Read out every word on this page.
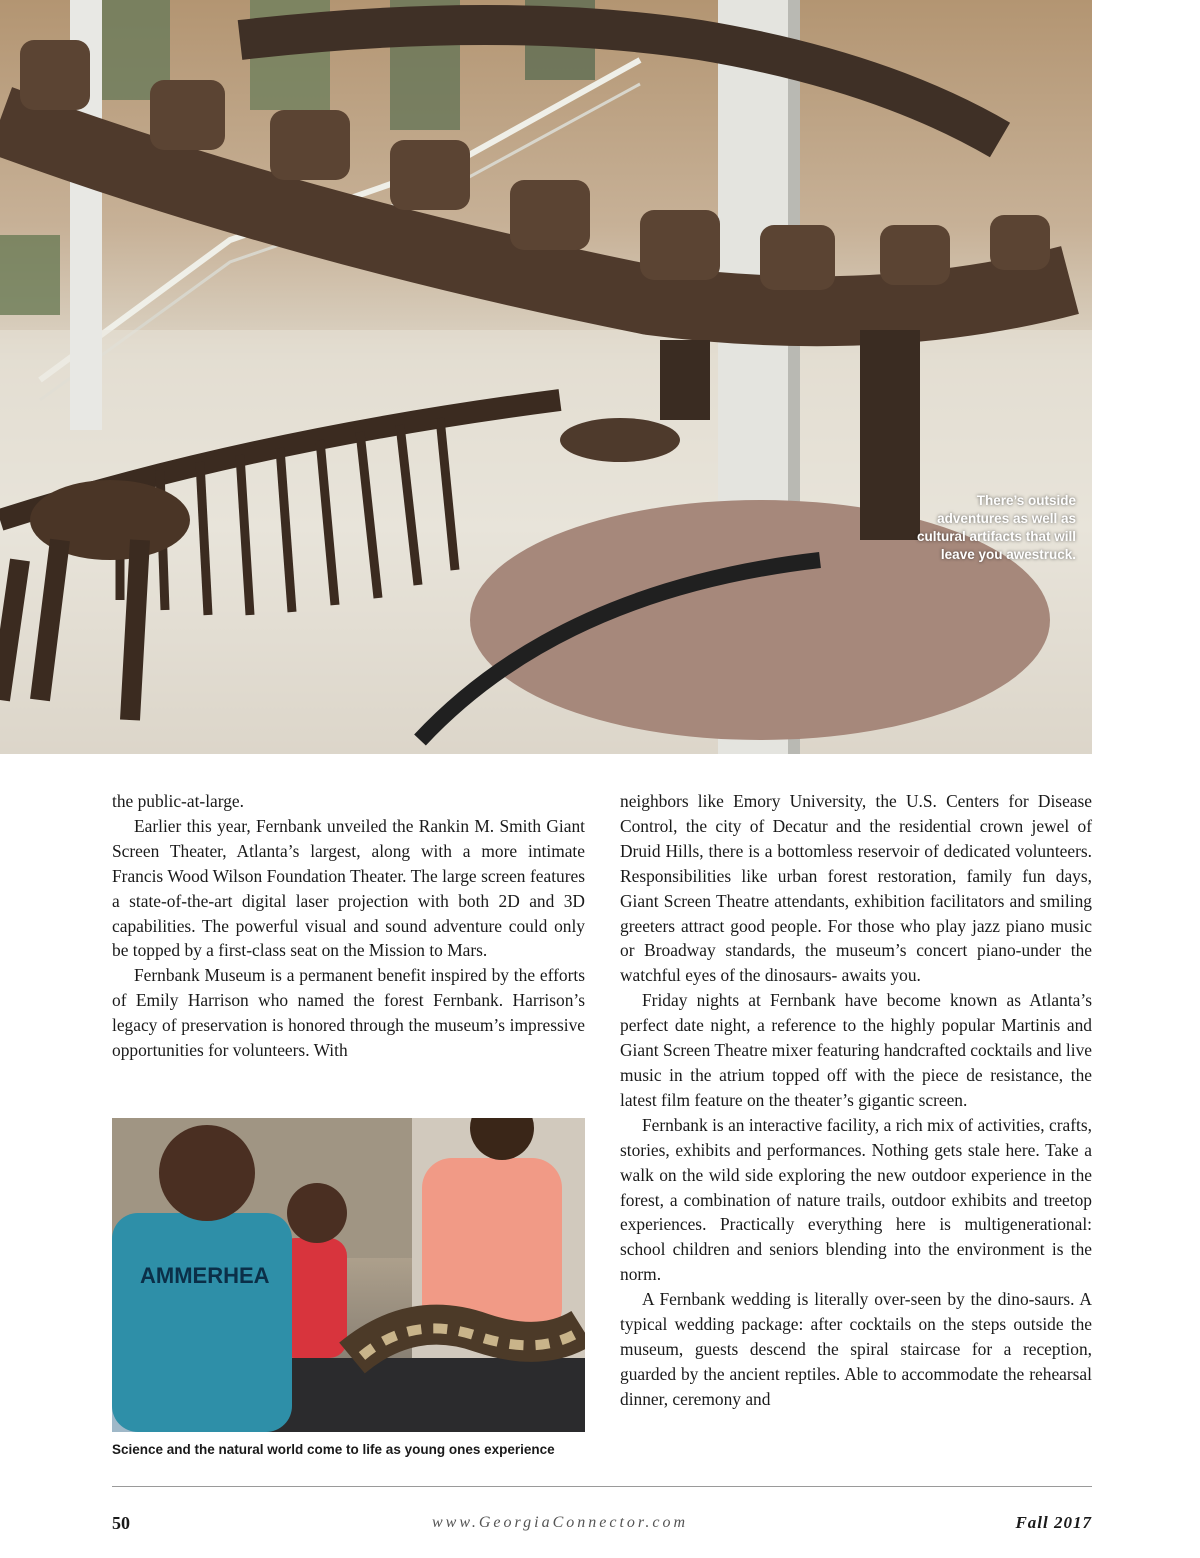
There’s outside adventures as well as cultural artifacts that will leave you awestruck.

the public-at-large.

Earlier this year, Fernbank unveiled the Rankin M. Smith Giant Screen Theater, Atlanta’s largest, along with a more intimate Francis Wood Wilson Foundation Theater. The large screen features a state-of-the-art digital laser projection with both 2D and 3D capabilities. The powerful visual and sound adventure could only be topped by a first-class seat on the Mission to Mars.

Fernbank Museum is a permanent benefit inspired by the efforts of Emily Harrison who named the forest Fernbank. Harrison’s legacy of preservation is honored through the museum’s impressive opportunities for volunteers. With

AMMERHEA
Science and the natural world come to life as young ones experience

neighbors like Emory University, the U.S. Centers for Disease Control, the city of Decatur and the residential crown jewel of Druid Hills, there is a bottomless reservoir of dedicated volunteers. Responsibilities like urban forest restoration, family fun days, Giant Screen Theatre attendants, exhibition facilitators and smiling greeters attract good people. For those who play jazz piano music or Broadway standards, the museum’s concert piano-under the watchful eyes of the dinosaurs- awaits you.

Friday nights at Fernbank have become known as Atlanta’s perfect date night, a reference to the highly popular Martinis and Giant Screen Theatre mixer featuring handcrafted cocktails and live music in the atrium topped off with the piece de resistance, the latest film feature on the theater’s gigantic screen.

Fernbank is an interactive facility, a rich mix of activities, crafts, stories, exhibits and performances. Nothing gets stale here. Take a walk on the wild side exploring the new outdoor experience in the forest, a combination of nature trails, outdoor exhibits and treetop experiences. Practically everything here is multigenerational: school children and seniors blending into the environment is the norm.

A Fernbank wedding is literally over-seen by the dino-saurs. A typical wedding package: after cocktails on the steps outside the museum, guests descend the spiral staircase for a reception, guarded by the ancient reptiles. Able to accommodate the rehearsal dinner, ceremony and

50	www.GeorgiaConnector.com	Fall 2017
